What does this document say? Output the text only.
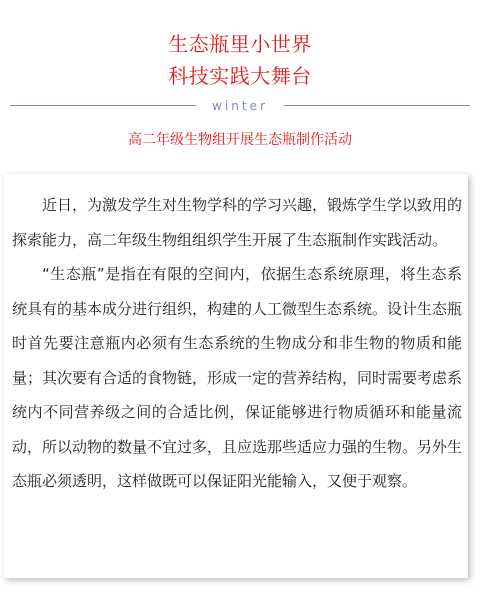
生态瓶里小世界
科技实践大舞台
winter
高二年级生物组开展生态瓶制作活动

近日，为激发学生对生物学科的学习兴趣，锻炼学生学以致用的探索能力，高二年级生物组组织学生开展了生态瓶制作实践活动。

“生态瓶”是指在有限的空间内，依据生态系统原理，将生态系统具有的基本成分进行组织，构建的人工微型生态系统。设计生态瓶时首先要注意瓶内必须有生态系统的生物成分和非生物的物质和能量；其次要有合适的食物链，形成一定的营养结构，同时需要考虑系统内不同营养级之间的合适比例，保证能够进行物质循环和能量流动，所以动物的数量不宜过多，且应选那些适应力强的生物。另外生态瓶必须透明，这样做既可以保证阳光能输入，又便于观察。
